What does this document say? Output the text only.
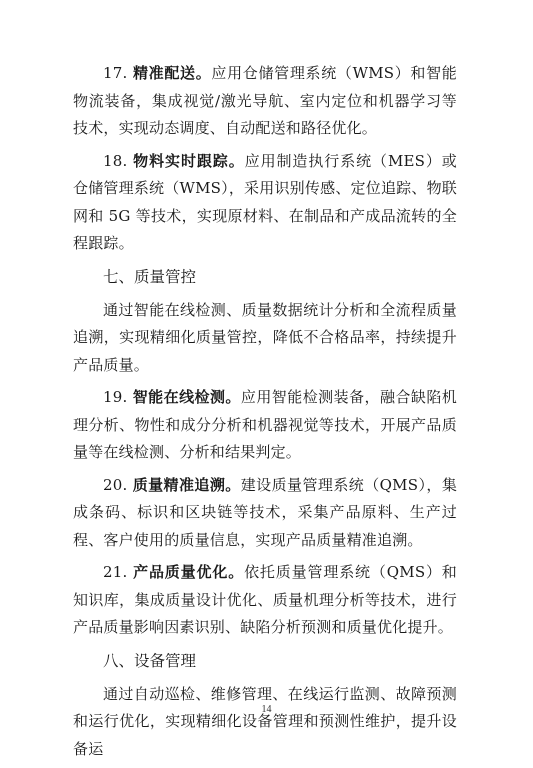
17. 精准配送。应用仓储管理系统（WMS）和智能物流装备，集成视觉/激光导航、室内定位和机器学习等技术，实现动态调度、自动配送和路径优化。

18. 物料实时跟踪。应用制造执行系统（MES）或仓储管理系统（WMS），采用识别传感、定位追踪、物联网和 5G 等技术，实现原材料、在制品和产成品流转的全程跟踪。

七、质量管控

通过智能在线检测、质量数据统计分析和全流程质量追溯，实现精细化质量管控，降低不合格品率，持续提升产品质量。

19. 智能在线检测。应用智能检测装备，融合缺陷机理分析、物性和成分分析和机器视觉等技术，开展产品质量等在线检测、分析和结果判定。

20. 质量精准追溯。建设质量管理系统（QMS），集成条码、标识和区块链等技术，采集产品原料、生产过程、客户使用的质量信息，实现产品质量精准追溯。

21. 产品质量优化。依托质量管理系统（QMS）和知识库，集成质量设计优化、质量机理分析等技术，进行产品质量影响因素识别、缺陷分析预测和质量优化提升。

八、设备管理

通过自动巡检、维修管理、在线运行监测、故障预测和运行优化，实现精细化设备管理和预测性维护，提升设备运

14
